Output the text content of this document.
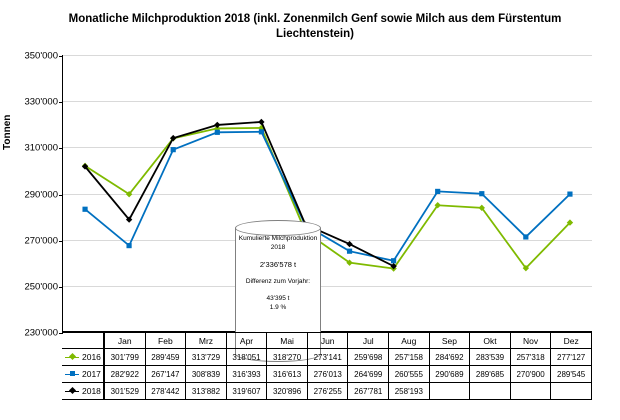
Monatliche Milchproduktion 2018 (inkl. Zonenmilch Genf sowie Milch aus dem Fürstentum Liechtenstein)
Tonnen
230'000
250'000
270'000
290'000
310'000
330'000
350'000
Kumulierte Milchproduktion
2018
2'336'578 t
Differenz zum Vorjahr:
43'395 t
1.9 %
Jan	Feb	Mrz	Apr	Mai	Jun	Jul	Aug	Sep	Okt	Nov	Dez
2016	301'799	289'459	313'729	318'051	318'270	273'141	259'698	257'158	284'692	283'539	257'318	277'127
2017	282'922	267'147	308'839	316'393	316'613	276'013	264'699	260'555	290'689	289'685	270'900	289'545
2018	301'529	278'442	313'882	319'607	320'896	276'255	267'781	258'193
